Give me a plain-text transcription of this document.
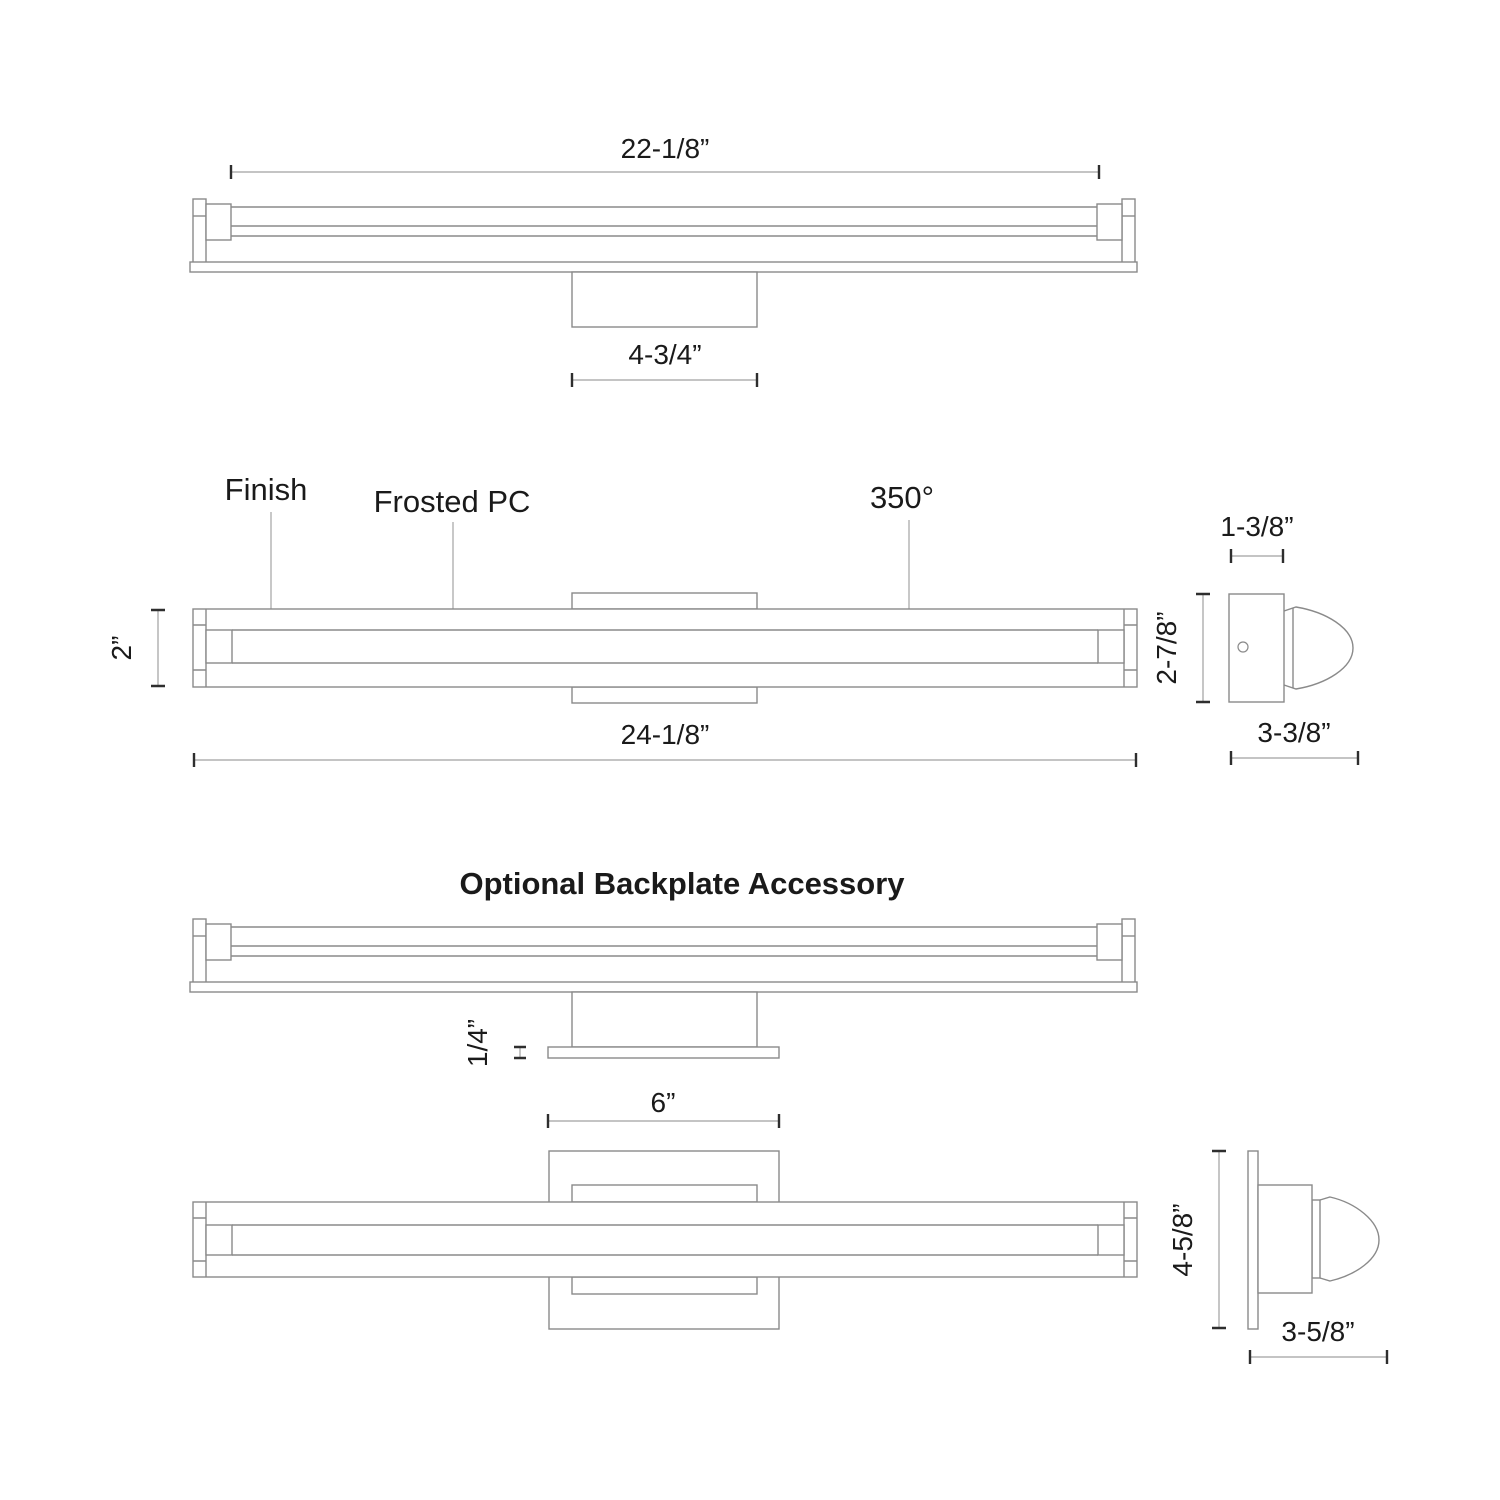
22-1/8”
4-3/4”
Finish Frosted PC	350°
2”
24-1/8”
1-3/8”
2-7/8”
3-3/8”
Optional Backplate Accessory
1/4”
6”
4-5/8”
3-5/8”
